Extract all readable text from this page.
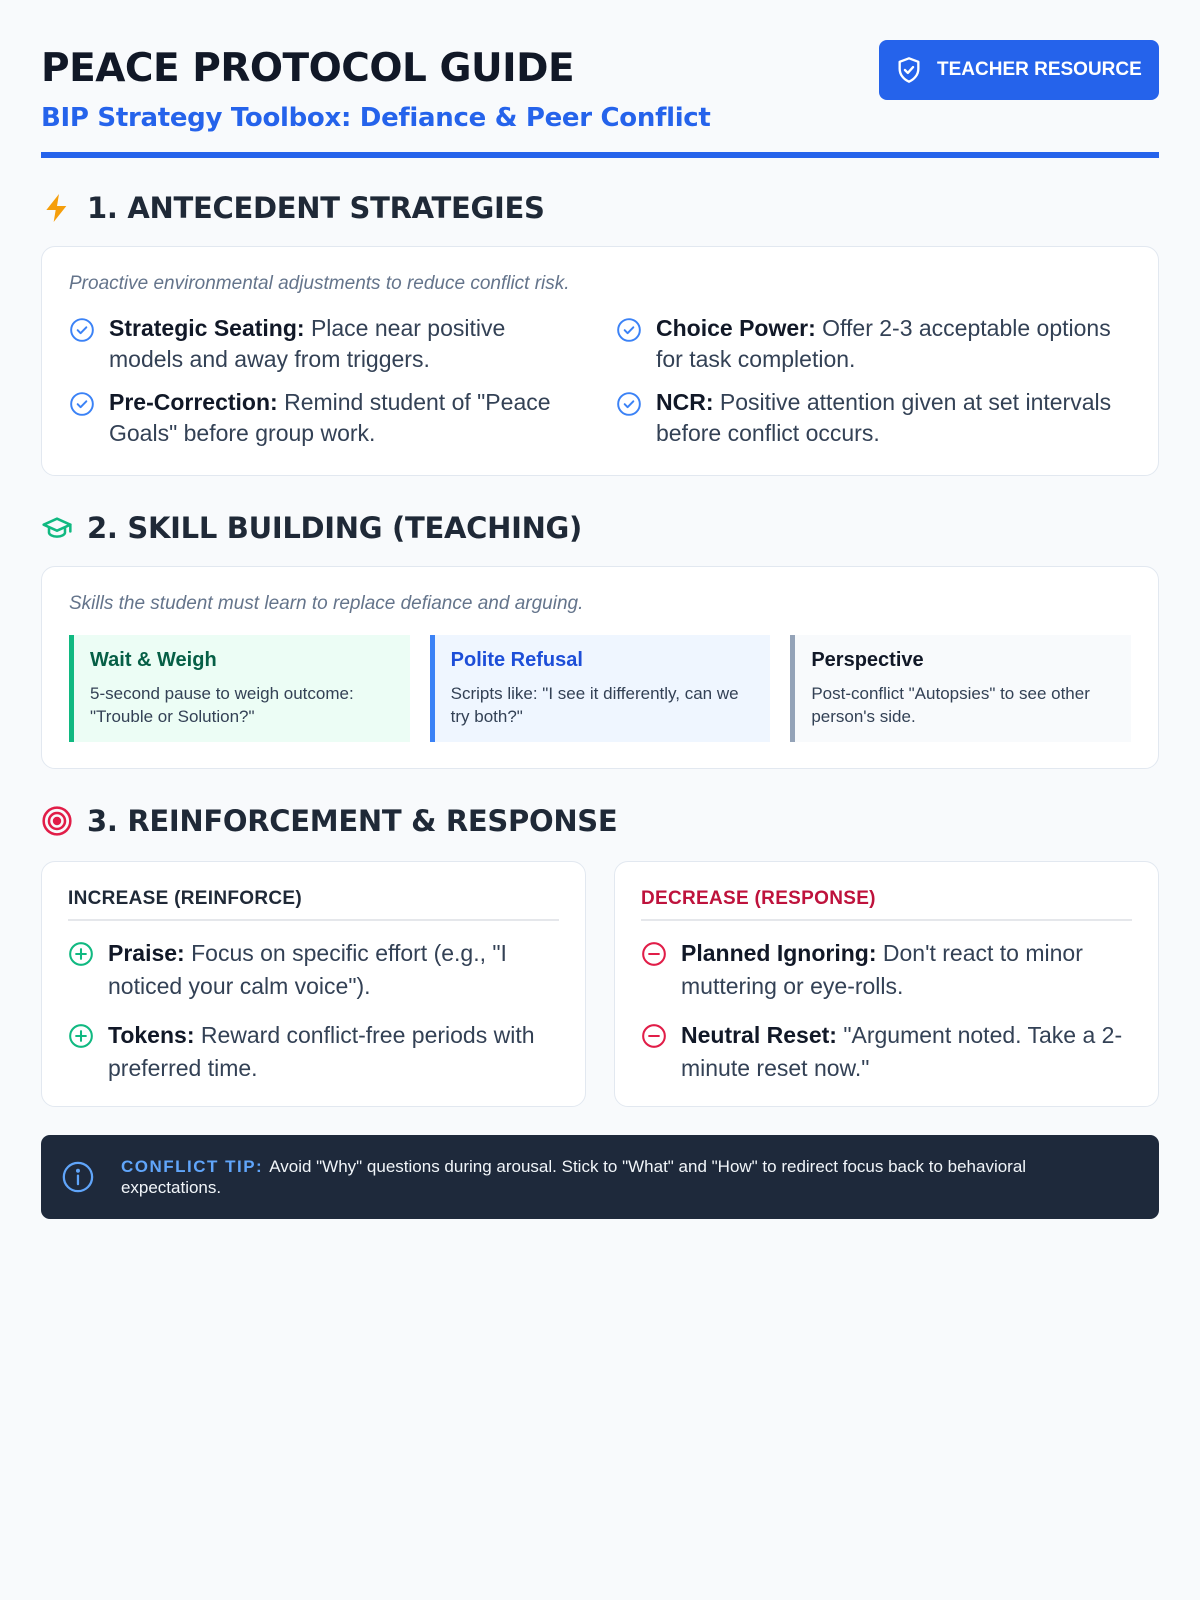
PEACE PROTOCOL GUIDE
BIP Strategy Toolbox: Defiance & Peer Conflict
TEACHER RESOURCE
1. ANTECEDENT STRATEGIES
Proactive environmental adjustments to reduce conflict risk.
Strategic Seating: Place near positive models and away from triggers.
Choice Power: Offer 2-3 acceptable options for task completion.
Pre-Correction: Remind student of "Peace Goals" before group work.
NCR: Positive attention given at set intervals before conflict occurs.
2. SKILL BUILDING (TEACHING)
Skills the student must learn to replace defiance and arguing.
Wait & Weigh
5-second pause to weigh outcome: "Trouble or Solution?"
Polite Refusal
Scripts like: "I see it differently, can we try both?"
Perspective
Post-conflict "Autopsies" to see other person's side.
3. REINFORCEMENT & RESPONSE
INCREASE (REINFORCE)
Praise: Focus on specific effort (e.g., "I noticed your calm voice").
Tokens: Reward conflict-free periods with preferred time.
DECREASE (RESPONSE)
Planned Ignoring: Don't react to minor muttering or eye-rolls.
Neutral Reset: "Argument noted. Take a 2-minute reset now."
CONFLICT TIP: Avoid "Why" questions during arousal. Stick to "What" and "How" to redirect focus back to behavioral expectations.
